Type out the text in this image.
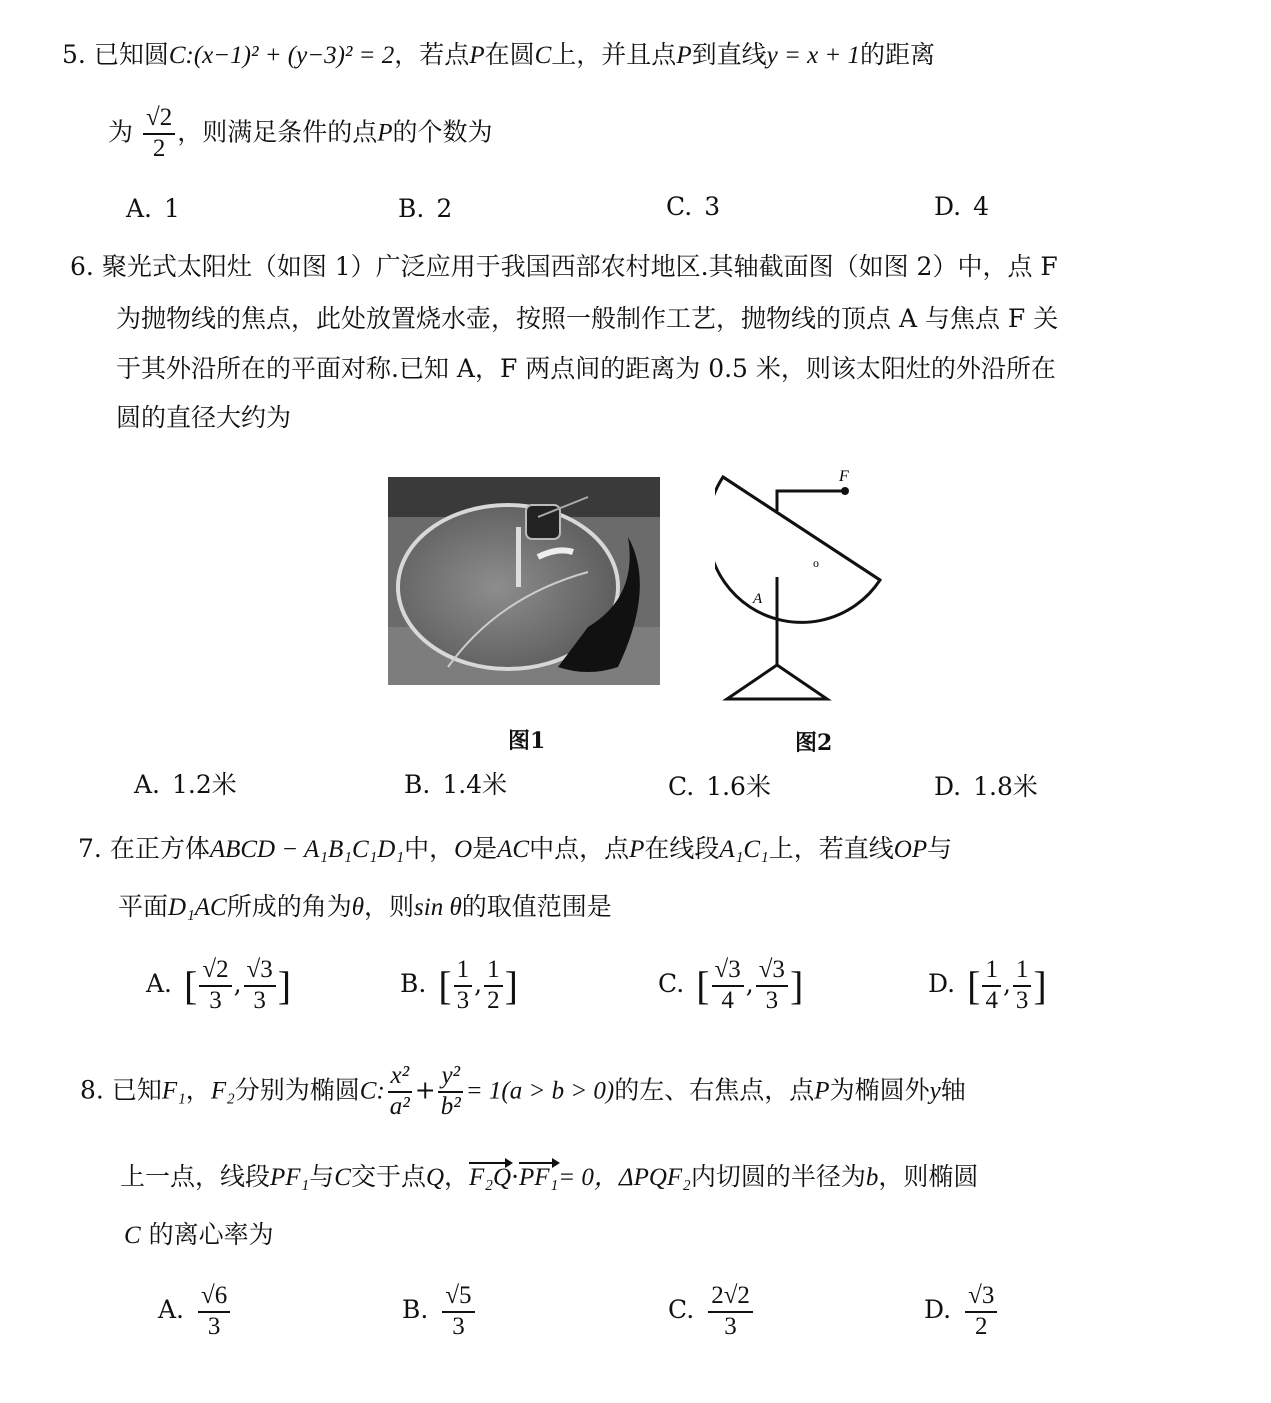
5. 已知圆C:(x−1)² + (y−3)² = 2，若点P在圆C上，并且点P到直线y = x + 1的距离
为 $\frac{√2}{2}$ ，则满足条件的点P的个数为
A. 1	B. 2	C. 3	D. 4
6. 聚光式太阳灶（如图 1）广泛应用于我国西部农村地区.其轴截面图（如图 2）中，点 F
为抛物线的焦点，此处放置烧水壶，按照一般制作工艺，抛物线的顶点 A 与焦点 F 关
于其外沿所在的平面对称.已知 A，F 两点间的距离为 0.5 米，则该太阳灶的外沿所在
圆的直径大约为
F
o
A
图1	图2
A. 1.2米	B. 1.4米	C. 1.6米	D. 1.8米
7. 在正方体ABCD − A₁B₁C₁D₁中，O是AC中点，点P在线段A₁C₁上，若直线OP与
平面D₁AC所成的角为θ，则sin θ的取值范围是
A. [ $\frac{√2}{3}$ , $\frac{√3}{3}$ ]	B. [ $\frac{1}{3}$ , $\frac{1}{2}$ ]	C. [ $\frac{√3}{4}$ , $\frac{√3}{3}$ ]	D. [ $\frac{1}{4}$ , $\frac{1}{3}$ ]
8. 已知F₁，F₂分别为椭圆C: $\frac{\text{x²}}{\text{a²}} + \frac{\text{y²}}{\text{b²}} = 1(a > b > 0)$的左、右焦点，点P为椭圆外y轴
上一点，线段PF₁与C交于点Q，F₂Q·PF₁= 0，ΔPQF₂内切圆的半径为b，则椭圆
C 的离心率为
A. $\frac{√6}{3}$	B. $\frac{√5}{3}$	C. $\frac{2√2}{3}$	D. $\frac{√3}{2}$
